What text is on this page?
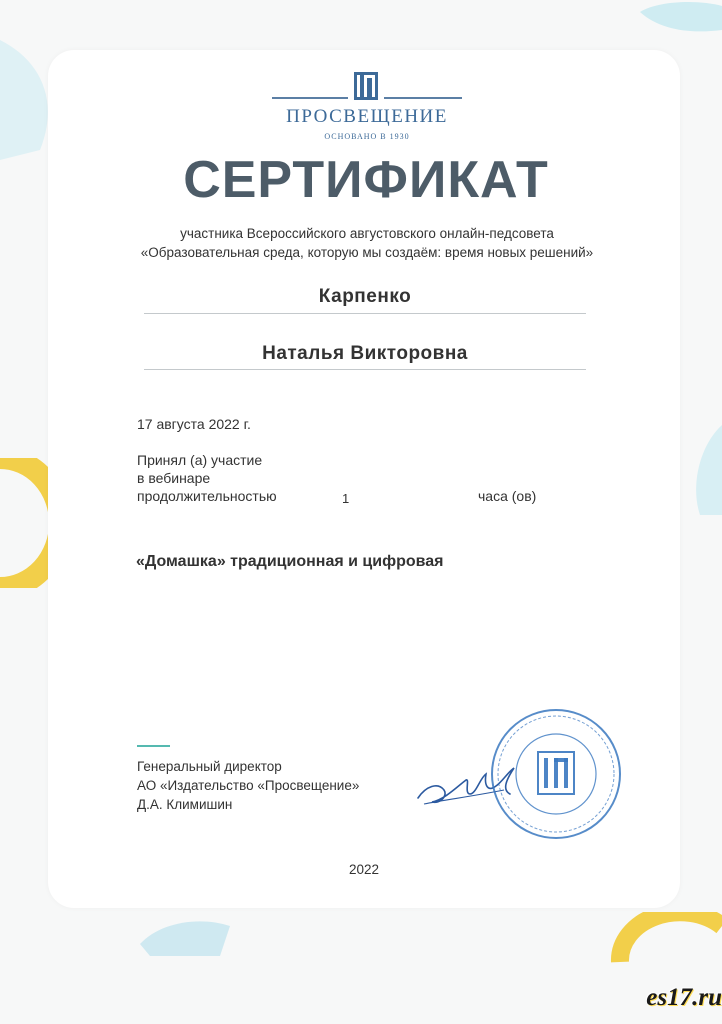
ПРОСВЕЩЕНИЕ
ОСНОВАНО В 1930
СЕРТИФИКАТ
участника Всероссийского августовского онлайн-педсовета
«Образовательная среда, которую мы создаём: время новых решений»
Карпенко
Наталья Викторовна
17 августа 2022 г.
Принял (а) участие
в вебинаре
продолжительностью	1	часа (ов)
«Домашка» традиционная и цифровая
Генеральный директор
АО «Издательство «Просвещение»
Д.А. Климишин
2022
es17.ru
